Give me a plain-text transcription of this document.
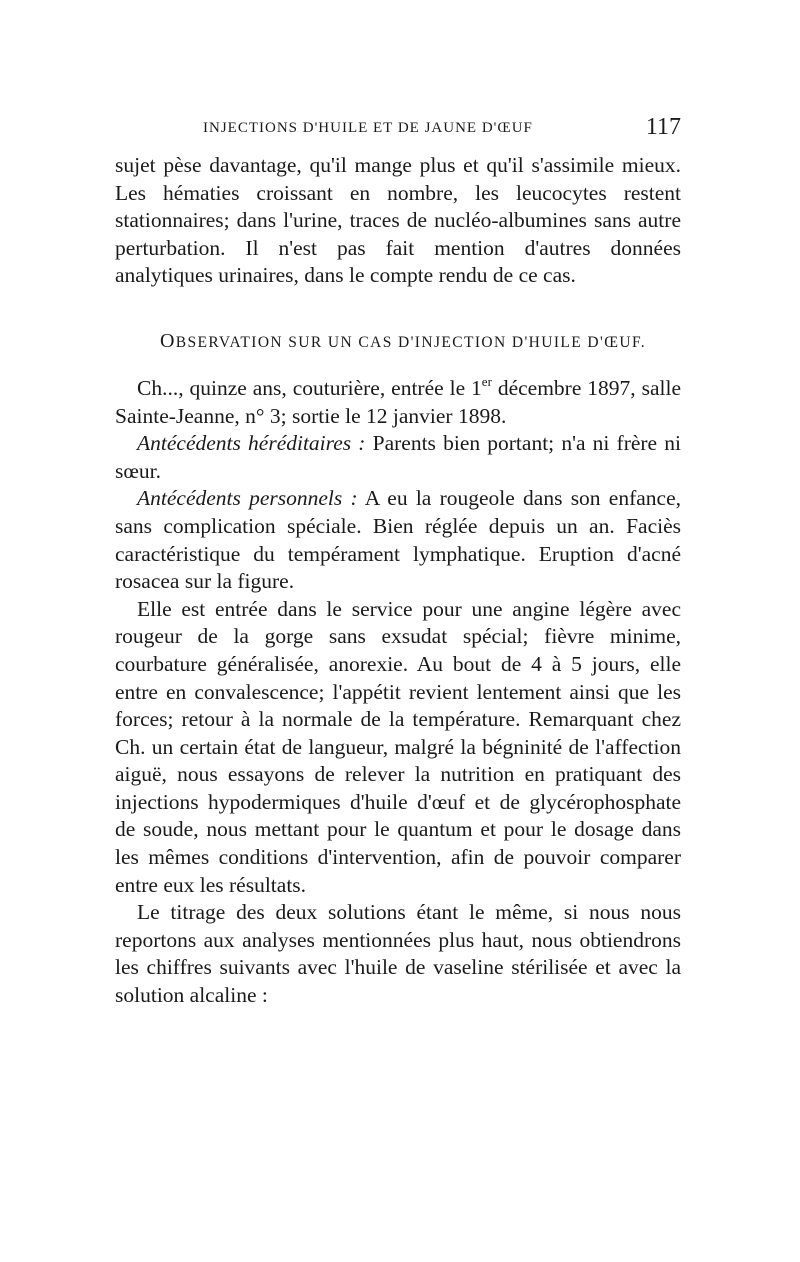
INJECTIONS D'HUILE ET DE JAUNE D'ŒUF	117

sujet pèse davantage, qu'il mange plus et qu'il s'assimile mieux. Les hématies croissant en nombre, les leucocytes restent stationnaires; dans l'urine, traces de nucléo-albumines sans autre perturbation. Il n'est pas fait mention d'autres données analytiques urinaires, dans le compte rendu de ce cas.

OBSERVATION SUR UN CAS D'INJECTION D'HUILE D'ŒUF.

Ch..., quinze ans, couturière, entrée le 1er décembre 1897, salle Sainte-Jeanne, n° 3; sortie le 12 janvier 1898.

Antécédents héréditaires : Parents bien portant; n'a ni frère ni sœur.

Antécédents personnels : A eu la rougeole dans son enfance, sans complication spéciale. Bien réglée depuis un an. Faciès caractéristique du tempérament lymphatique. Eruption d'acné rosacea sur la figure.

Elle est entrée dans le service pour une angine légère avec rougeur de la gorge sans exsudat spécial; fièvre minime, courbature généralisée, anorexie. Au bout de 4 à 5 jours, elle entre en convalescence; l'appétit revient lentement ainsi que les forces; retour à la normale de la température. Remarquant chez Ch. un certain état de langueur, malgré la bégninité de l'affection aiguë, nous essayons de relever la nutrition en pratiquant des injections hypodermiques d'huile d'œuf et de glycérophosphate de soude, nous mettant pour le quantum et pour le dosage dans les mêmes conditions d'intervention, afin de pouvoir comparer entre eux les résultats.

Le titrage des deux solutions étant le même, si nous nous reportons aux analyses mentionnées plus haut, nous obtiendrons les chiffres suivants avec l'huile de vaseline stérilisée et avec la solution alcaline :
